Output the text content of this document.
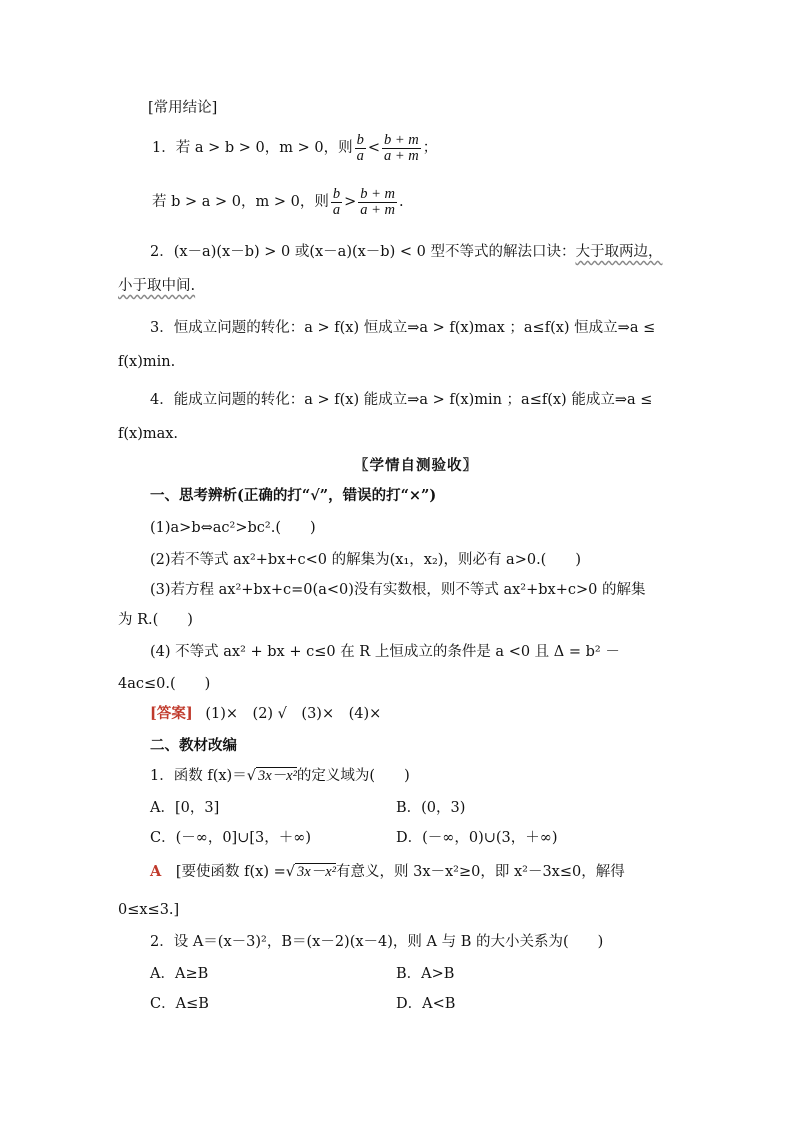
[常用结论]
1．若 a > b > 0，m > 0，则 $\frac{b}{a} < \frac{b + m}{a + m}$ ；
若 b > a > 0，m > 0，则 $\frac{b}{a} > \frac{b + m}{a + m}$ .
2．(x－a)(x－b) > 0 或(x－a)(x－b) < 0 型不等式的解法口诀：大于取两边，
小于取中间.
3．恒成立问题的转化：a > f(x) 恒成立⇒a > f(x)max ；a≤f(x) 恒成立⇒a ≤
f(x)min.
4．能成立问题的转化：a > f(x) 能成立⇒a > f(x)min ；a≤f(x) 能成立⇒a ≤
f(x)max.
〖学情自测验收〗
一、思考辨析(正确的打“√”，错误的打“×”)
(1)a>b⇔ac²>bc².(　　)
(2)若不等式 ax²+bx+c<0 的解集为(x₁，x₂)，则必有 a>0.(　　)
(3)若方程 ax²+bx+c=0(a<0)没有实数根，则不等式 ax²+bx+c>0 的解集
为 R.(　　)
(4) 不等式 ax² + bx + c≤0 在 R 上恒成立的条件是 a <0 且 Δ = b² －
4ac≤0.(　　)
[答案] (1)×　(2) √　(3)×　(4)×
二、教材改编
1．函数 f(x)＝√ 3x－x²的定义域为(　　)
A．[0，3]	B．(0，3)
C．(－∞，0]∪[3，＋∞)	D．(－∞，0)∪(3，＋∞)
A [要使函数 f(x) =√ 3x－x²有意义，则 3x－x²≥0，即 x²－3x≤0，解得
0≤x≤3.]
2．设 A＝(x－3)²，B＝(x－2)(x－4)，则 A 与 B 的大小关系为(　　)
A．A≥B	B．A>B
C．A≤B	D．A<B
